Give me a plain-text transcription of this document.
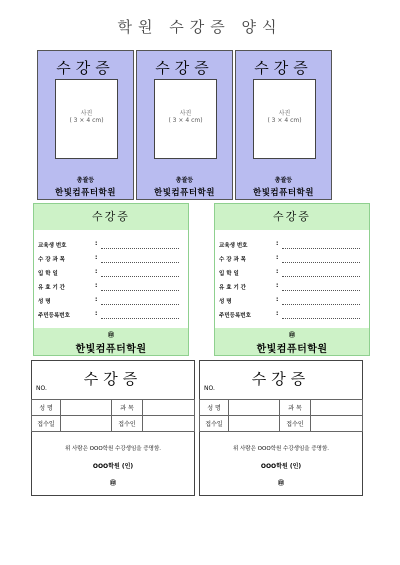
학원 수강증 양식
수강증
사진
( 3 × 4 cm)
총괄등
한빛컴퓨터학원
수강증
사진
( 3 × 4 cm)
총괄등
한빛컴퓨터학원
수강증
사진
( 3 × 4 cm)
총괄등
한빛컴퓨터학원
수강증
교육생 번호	:
수 강 과 목	:
입 학 일	:
유 효 기 간	:
성 명	:
주민등록번호	:
㊞
한빛컴퓨터학원
수강증
교육생 번호	:
수 강 과 목	:
입 학 일	:
유 효 기 간	:
성 명	:
주민등록번호	:
㊞
한빛컴퓨터학원
수강증
NO.
성 명		과 목	
접수일		접수인	
위 사람은 OOO학원 수강생임을 증명함.
OOO학원 (인)
㊞
수강증
NO.
성 명		과 목	
접수일		접수인	
위 사람은 OOO학원 수강생임을 증명함.
OOO학원 (인)
㊞
